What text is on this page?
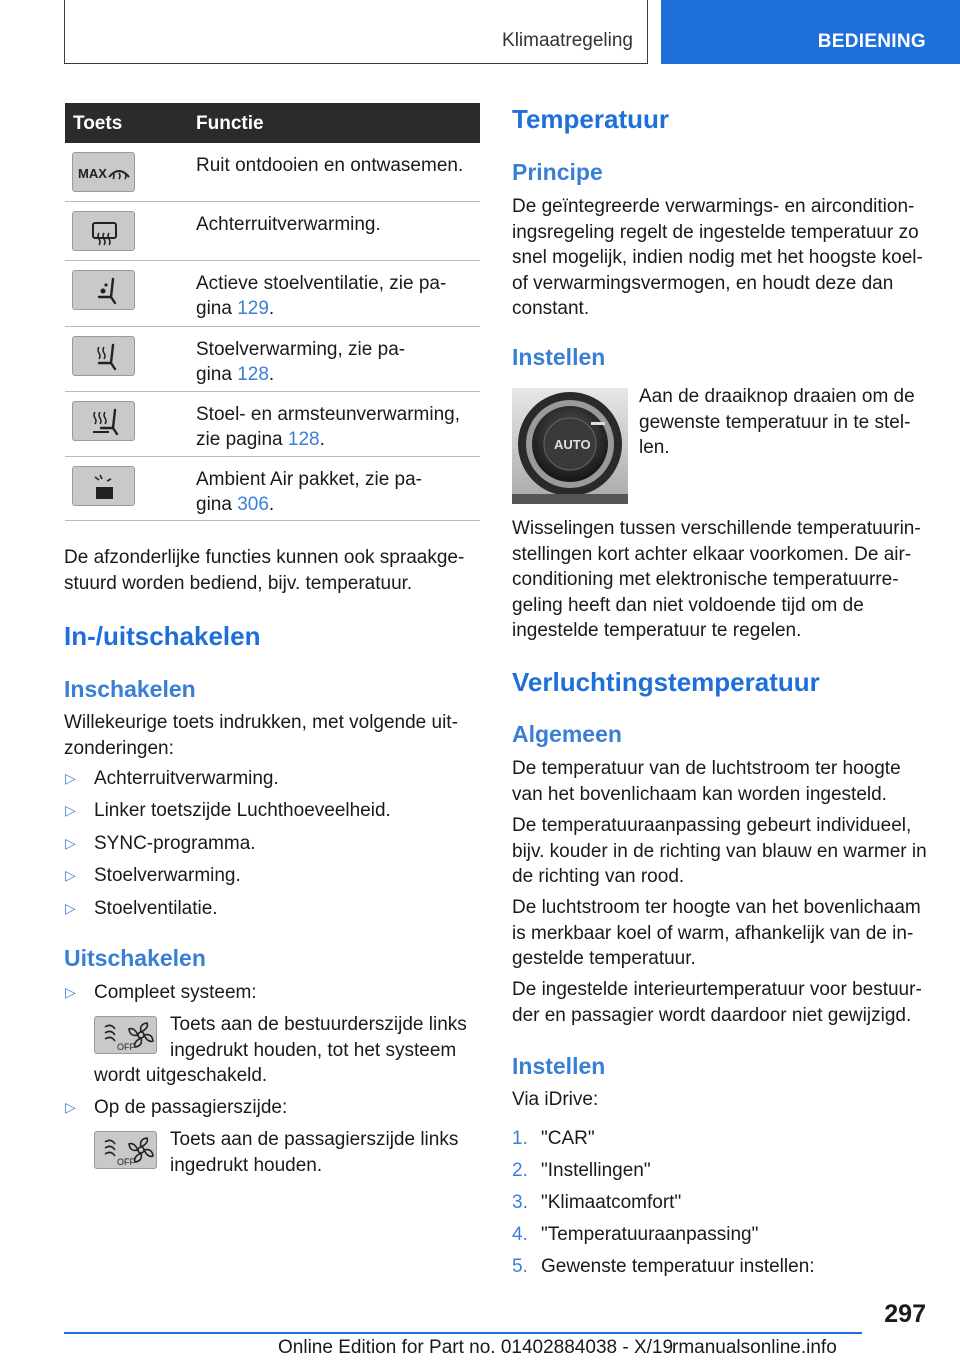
Klimaatregeling	BEDIENING
Toets	Functie
MAX	Ruit ontdooien en ontwasemen.
Achterruitverwarming.
Actieve stoelventilatie, zie pa-
gina 129.
Stoelverwarming, zie pa-
gina 128.
Stoel- en armsteunverwarming,
zie pagina 128.
Ambient Air pakket, zie pa-
gina 306.
De afzonderlijke functies kunnen ook spraakge-
stuurd worden bediend, bijv. temperatuur.
In-/uitschakelen
Inschakelen
Willekeurige toets indrukken, met volgende uit-
zonderingen:
▷ Achterruitverwarming.
▷ Linker toetszijde Luchthoeveelheid.
▷ SYNC-programma.
▷ Stoelverwarming.
▷ Stoelventilatie.
Uitschakelen
▷ Compleet systeem:
OFF
Toets aan de bestuurderszijde links
ingedrukt houden, tot het systeem
wordt uitgeschakeld.
▷ Op de passagierszijde:
OFF
Toets aan de passagierszijde links
ingedrukt houden.
Temperatuur
Principe
De geïntegreerde verwarmings- en aircondition-
ingsregeling regelt de ingestelde temperatuur zo
snel mogelijk, indien nodig met het hoogste koel-
of verwarmingsvermogen, en houdt deze dan
constant.
Instellen
AUTO
Aan de draaiknop draaien om de
gewenste temperatuur in te stel-
len.
Wisselingen tussen verschillende temperatuurin-
stellingen kort achter elkaar voorkomen. De air-
conditioning met elektronische temperatuurre-
geling heeft dan niet voldoende tijd om de
ingestelde temperatuur te regelen.
Verluchtingstemperatuur
Algemeen
De temperatuur van de luchtstroom ter hoogte
van het bovenlichaam kan worden ingesteld.
De temperatuuraanpassing gebeurt individueel,
bijv. kouder in de richting van blauw en warmer in
de richting van rood.
De luchtstroom ter hoogte van het bovenlichaam
is merkbaar koel of warm, afhankelijk van de in-
gestelde temperatuur.
De ingestelde interieurtemperatuur voor bestuur-
der en passagier wordt daardoor niet gewijzigd.
Instellen
Via iDrive:
1. "CAR"
2. "Instellingen"
3. "Klimaatcomfort"
4. "Temperatuuraanpassing"
5. Gewenste temperatuur instellen:
297
Online Edition for Part no. 01402884038 - X/19
rmanualsonline.info
